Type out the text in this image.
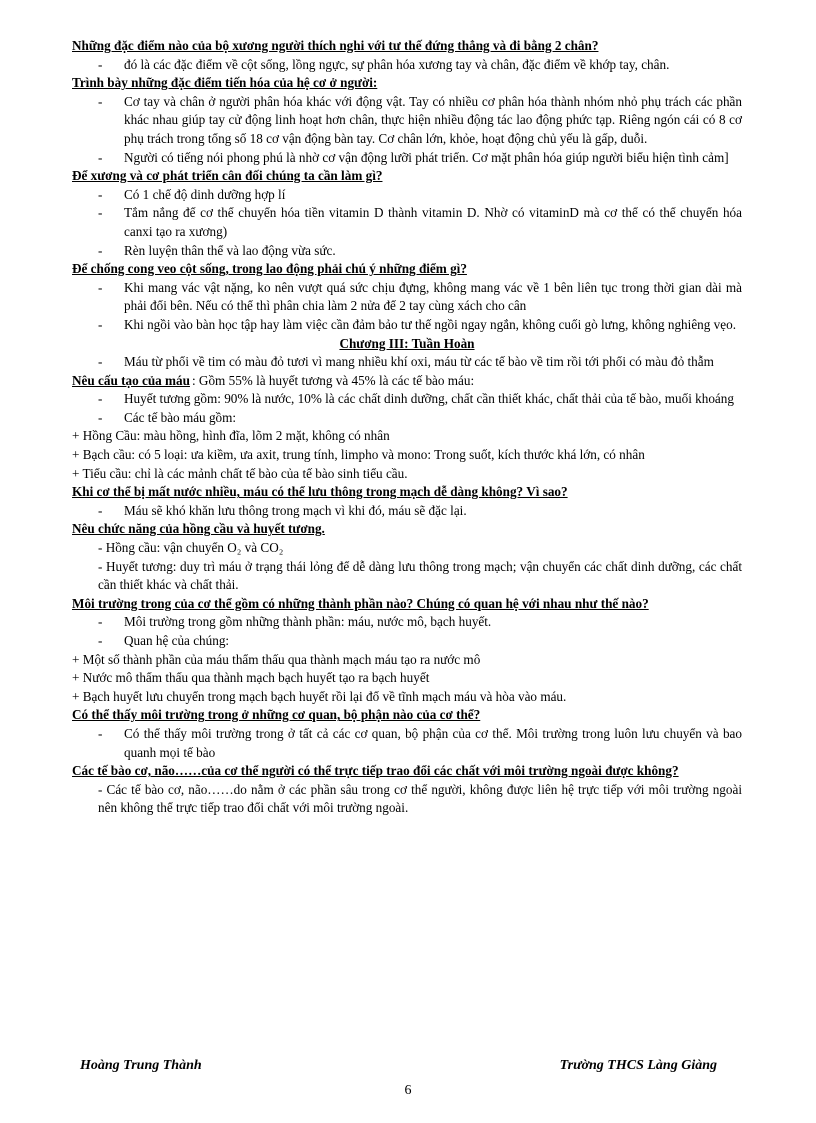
Những đặc điểm nào của bộ xương người thích nghi với tư thế đứng thẳng và đi bằng 2 chân?
- đó là các đặc điểm về cột sống, lồng ngực, sự phân hóa xương tay và chân, đặc điểm về khớp tay, chân.
Trình bày những đặc điểm tiến hóa của hệ cơ ở người:
- Cơ tay và chân ở người phân hóa khác với động vật. Tay có nhiều cơ phân hóa thành nhóm nhỏ phụ trách các phần khác nhau giúp tay cử động linh hoạt hơn chân, thực hiện nhiều động tác lao động phức tạp. Riêng ngón cái có 8 cơ phụ trách trong tổng số 18 cơ vận động bàn tay. Cơ chân lớn, khỏe, hoạt động chủ yếu là gấp, duỗi.
- Người có tiếng nói phong phú là nhờ cơ vận động lưỡi phát triển. Cơ mặt phân hóa giúp người biểu hiện tình cảm]
Để xương và cơ phát triển cân đối chúng ta cần làm gì?
- Có 1 chế độ dinh dưỡng hợp lí
- Tắm nắng để cơ thể chuyển hóa tiền vitamin D thành vitamin D. Nhờ có vitaminD mà cơ thể có thể chuyển hóa canxi tạo ra xương)
- Rèn luyện thân thể và lao động vừa sức.
Để chống cong veo cột sống, trong lao động phải chú ý những điểm gì?
- Khi mang vác vật nặng, ko nên vượt quá sức chịu đựng, không mang vác về 1 bên liên tục trong thời gian dài mà phải đổi bên. Nếu có thể thì phân chia làm 2 nửa để 2 tay cùng xách cho cân
- Khi ngồi vào bàn học tập hay làm việc cần đảm bảo tư thế ngồi ngay ngắn, không cuối gò lưng, không nghiêng vẹo.
Chương III: Tuần Hoàn
- Máu từ phổi về tim có màu đỏ tươi vì mang nhiều khí oxi, máu từ các tế bào về tim rồi tới phổi có màu đỏ thẫm
Nêu cấu tạo của máu : Gồm 55% là huyết tương và 45% là các tế bào máu:
- Huyết tương gồm: 90% là nước, 10% là các chất dinh dưỡng, chất cần thiết khác, chất thải của tế bào, muối khoáng
- Các tế bào máu gồm:
+ Hồng Cầu: màu hồng, hình đĩa, lõm 2 mặt, không có nhân
+ Bạch cầu: có 5 loại: ưa kiềm, ưa axit, trung tính, limpho và mono: Trong suốt, kích thước khá lớn, có nhân
+ Tiểu cầu: chỉ là các mảnh chất tế bào của tế bào sinh tiểu cầu.
Khi cơ thể bị mất nước nhiều, máu có thể lưu thông trong mạch dễ dàng không? Vì sao?
- Máu sẽ khó khăn lưu thông trong mạch vì khi đó, máu sẽ đặc lại.
Nêu chức năng của hồng cầu và huyết tương.
- Hồng cầu: vận chuyển O₂ và CO₂
- Huyết tương: duy trì máu ở trạng thái lỏng để dễ dàng lưu thông trong mạch; vận chuyển các chất dinh dưỡng, các chất cần thiết khác và chất thải.
Môi trường trong của cơ thể gồm có những thành phần nào? Chúng có quan hệ với nhau như thế nào?
- Môi trường trong gồm những thành phần: máu, nước mô, bạch huyết.
- Quan hệ của chúng:
+ Một số thành phần của máu thẩm thấu qua thành mạch máu tạo ra nước mô
+ Nước mô thẩm thấu qua thành mạch bạch huyết tạo ra bạch huyết
+ Bạch huyết lưu chuyển trong mạch bạch huyết rồi lại đổ về tĩnh mạch máu và hòa vào máu.
Có thể thấy môi trường trong ở những cơ quan, bộ phận nào của cơ thể?
- Có thể thấy môi trường trong ở tất cả các cơ quan, bộ phận của cơ thể. Môi trường trong luôn lưu chuyển và bao quanh mọi tế bào
Các tế bào cơ, não……của cơ thể người có thể trực tiếp trao đổi các chất với môi trường ngoài được không?
- Các tế bào cơ, não……do nằm ở các phần sâu trong cơ thể người, không được liên hệ trực tiếp với môi trường ngoài nên không thể trực tiếp trao đổi chất với môi trường ngoài.
Hoàng Trung Thành	Trường THCS Làng Giàng
6
